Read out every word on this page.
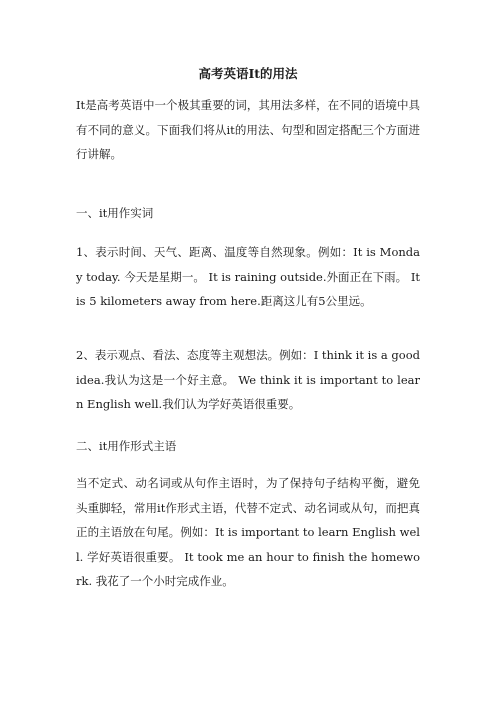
高考英语It的用法
It是高考英语中一个极其重要的词，其用法多样，在不同的语境中具有不同的意义。下面我们将从it的用法、句型和固定搭配三个方面进行讲解。
一、it用作实词
1、表示时间、天气、距离、温度等自然现象。例如：It is Monday today. 今天是星期一。 It is raining outside.外面正在下雨。 It is 5 kilometers away from here.距离这儿有5公里远。
2、表示观点、看法、态度等主观想法。例如：I think it is a good idea.我认为这是一个好主意。 We think it is important to learn English well.我们认为学好英语很重要。
二、it用作形式主语
当不定式、动名词或从句作主语时，为了保持句子结构平衡，避免头重脚轻，常用it作形式主语，代替不定式、动名词或从句，而把真正的主语放在句尾。例如：It is important to learn English well. 学好英语很重要。 It took me an hour to finish the homework. 我花了一个小时完成作业。
